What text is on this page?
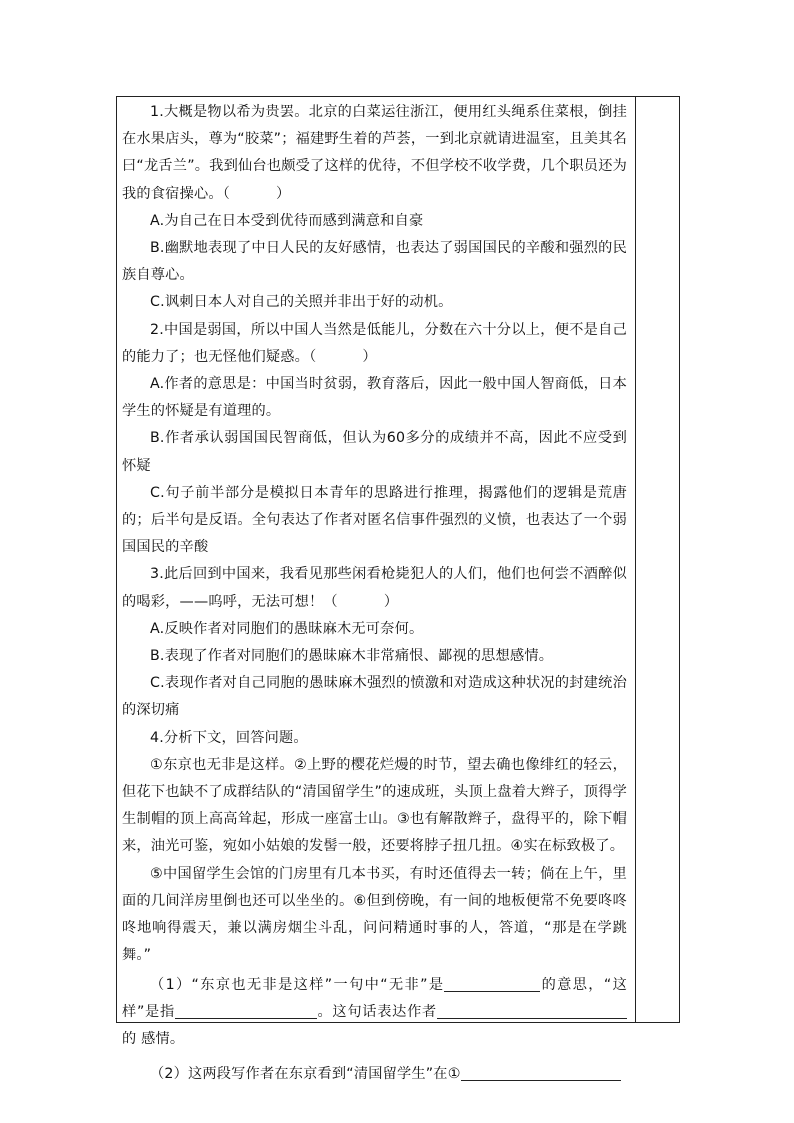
1.大概是物以希为贵罢。北京的白菜运往浙江，便用红头绳系住菜根，倒挂在水果店头，尊为“胶菜”；福建野生着的芦荟，一到北京就请进温室，且美其名曰“龙舌兰”。我到仙台也颇受了这样的优待，不但学校不收学费，几个职员还为我的食宿操心。（	）

A.为自己在日本受到优待而感到满意和自豪

B.幽默地表现了中日人民的友好感情，也表达了弱国国民的辛酸和强烈的民族自尊心。

C.讽刺日本人对自己的关照并非出于好的动机。

2.中国是弱国，所以中国人当然是低能儿，分数在六十分以上，便不是自己的能力了；也无怪他们疑惑。（	）

A.作者的意思是：中国当时贫弱，教育落后，因此一般中国人智商低，日本学生的怀疑是有道理的。

B.作者承认弱国国民智商低，但认为60多分的成绩并不高，因此不应受到怀疑

C.句子前半部分是模拟日本青年的思路进行推理，揭露他们的逻辑是荒唐的；后半句是反语。全句表达了作者对匿名信事件强烈的义愤，也表达了一个弱国国民的辛酸

3.此后回到中国来，我看见那些闲看枪毙犯人的人们，他们也何尝不酒醉似的喝彩，——呜呼，无法可想！（	）

A.反映作者对同胞们的愚昧麻木无可奈何。

B.表现了作者对同胞们的愚昧麻木非常痛恨、鄙视的思想感情。

C.表现作者对自己同胞的愚昧麻木强烈的愤激和对造成这种状况的封建统治的深切痛

4.分析下文，回答问题。

①东京也无非是这样。②上野的樱花烂熳的时节，望去确也像绯红的轻云，但花下也缺不了成群结队的“清国留学生”的速成班，头顶上盘着大辫子，顶得学生制帽的顶上高高耸起，形成一座富士山。③也有解散辫子，盘得平的，除下帽来，油光可鉴，宛如小姑娘的发髻一般，还要将脖子扭几扭。④实在标致极了。

⑤中国留学生会馆的门房里有几本书买，有时还值得去一转；倘在上午，里面的几间洋房里倒也还可以坐坐的。⑥但到傍晚，有一间的地板便常不免要咚咚咚地响得震天，兼以满房烟尘斗乱，问问精通时事的人，答道，“那是在学跳舞。”

（1）“东京也无非是这样”一句中“无非”是	的意思，“这样”是指	。这句话表达作者的 感情。

（2）这两段写作者在东京看到“清国留学生”在①
